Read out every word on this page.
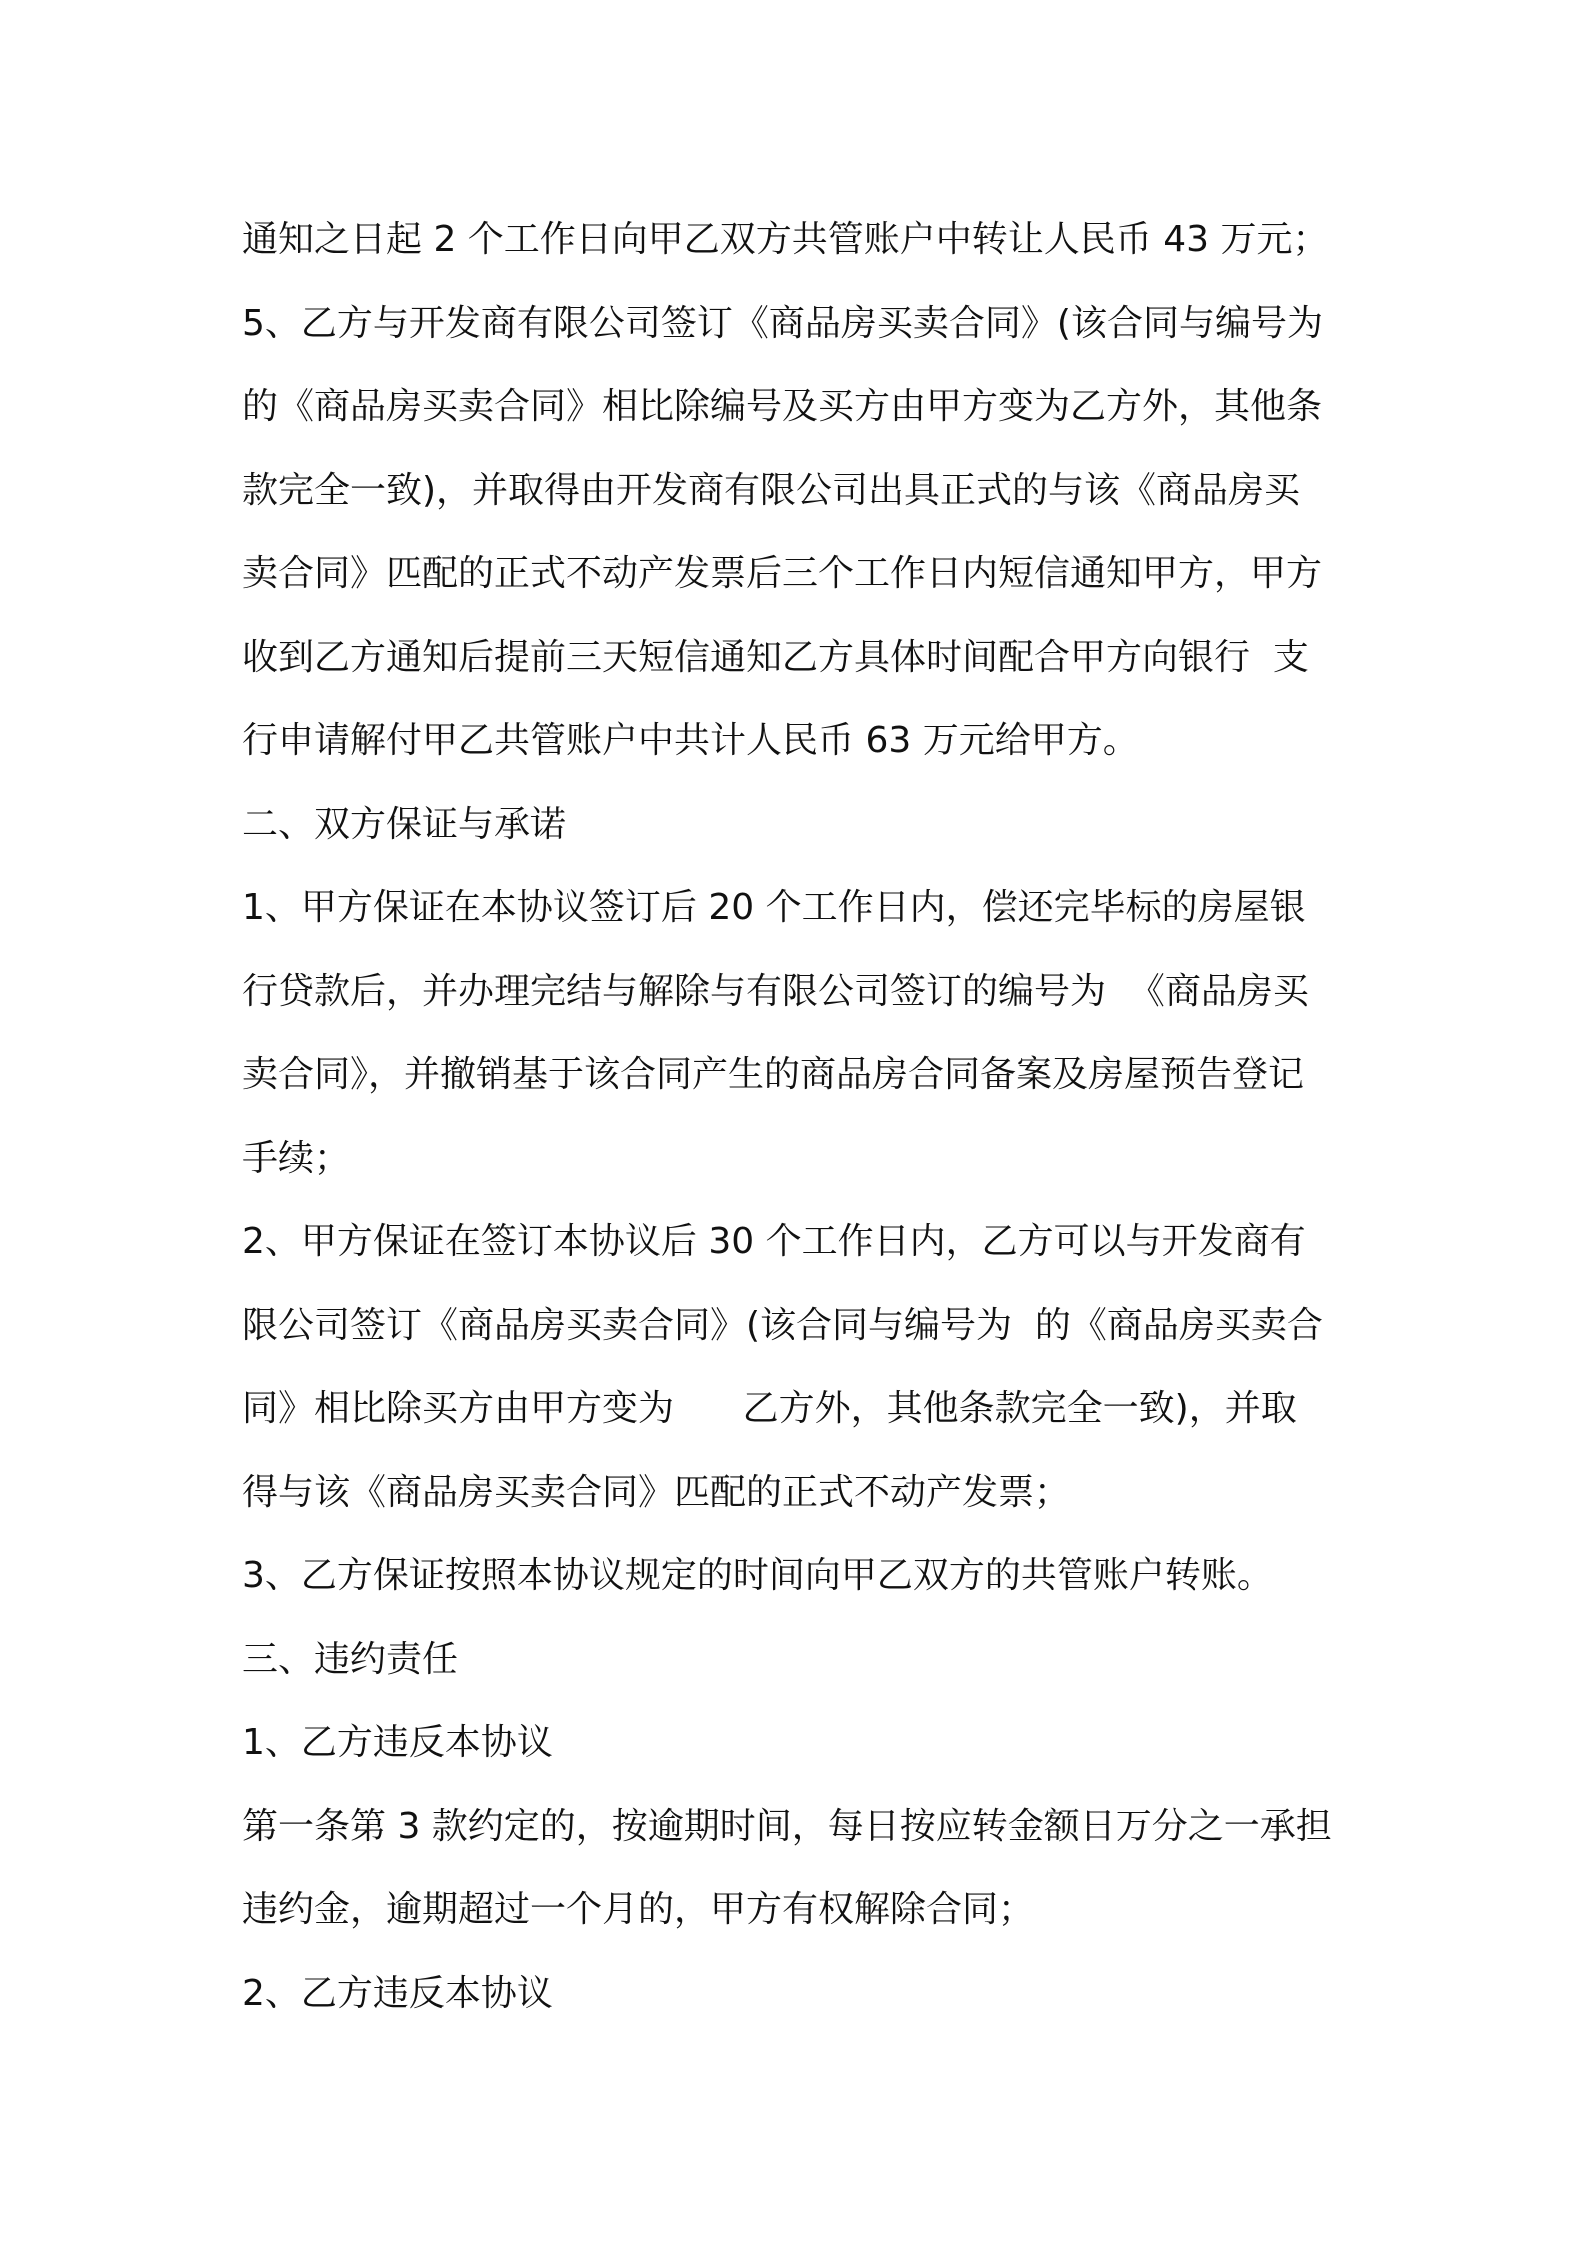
通知之日起 2 个工作日向甲乙双方共管账户中转让人民币 43 万元；
5、乙方与开发商有限公司签订《商品房买卖合同》(该合同与编号为
的《商品房买卖合同》相比除编号及买方由甲方变为乙方外，其他条
款完全一致)，并取得由开发商有限公司出具正式的与该《商品房买
卖合同》匹配的正式不动产发票后三个工作日内短信通知甲方，甲方
收到乙方通知后提前三天短信通知乙方具体时间配合甲方向银行  支
行申请解付甲乙共管账户中共计人民币 63 万元给甲方。
二、双方保证与承诺
1、甲方保证在本协议签订后 20 个工作日内，偿还完毕标的房屋银
行贷款后，并办理完结与解除与有限公司签订的编号为  《商品房买
卖合同》，并撤销基于该合同产生的商品房合同备案及房屋预告登记
手续；
2、甲方保证在签订本协议后 30 个工作日内，乙方可以与开发商有
限公司签订《商品房买卖合同》(该合同与编号为  的《商品房买卖合
同》相比除买方由甲方变为      乙方外，其他条款完全一致)，并取
得与该《商品房买卖合同》匹配的正式不动产发票；
3、乙方保证按照本协议规定的时间向甲乙双方的共管账户转账。
三、违约责任
1、乙方违反本协议
第一条第 3 款约定的，按逾期时间，每日按应转金额日万分之一承担
违约金，逾期超过一个月的，甲方有权解除合同；
2、乙方违反本协议
